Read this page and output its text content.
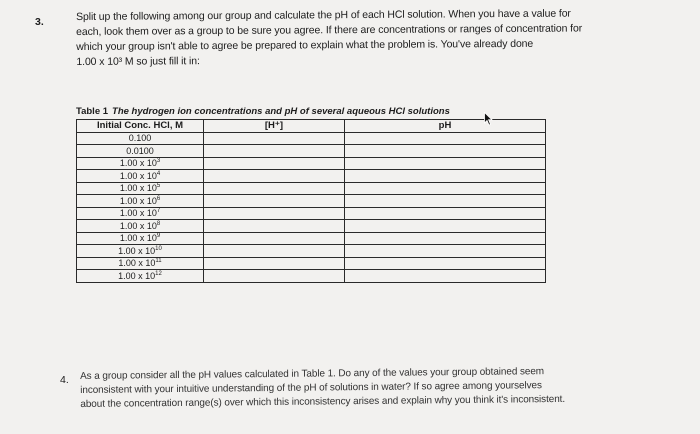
3.	Split up the following among our group and calculate the pH of each HCl solution. When you have a value for
each, look them over as a group to be sure you agree. If there are concentrations or ranges of concentration for
which your group isn't able to agree be prepared to explain what the problem is. You've already done
1.00 x 10³ M so just fill it in:
Table 1 The hydrogen ion concentrations and pH of several aqueous HCl solutions
Initial Conc. HCl, M	[H⁺]	pH
0.100		
0.0100		
1.00 x $10^3$		
1.00 x $10^4$		
1.00 x $10^5$		
1.00 x $10^6$		
1.00 x $10^7$		
1.00 x $10^8$		
1.00 x $10^9$		
1.00 x $10^{10}$		
1.00 x $10^{11}$		
1.00 x $10^{12}$		
4. As a group consider all the pH values calculated in Table 1. Do any of the values your group obtained seem
inconsistent with your intuitive understanding of the pH of solutions in water? If so agree among yourselves
about the concentration range(s) over which this inconsistency arises and explain why you think it's inconsistent.
